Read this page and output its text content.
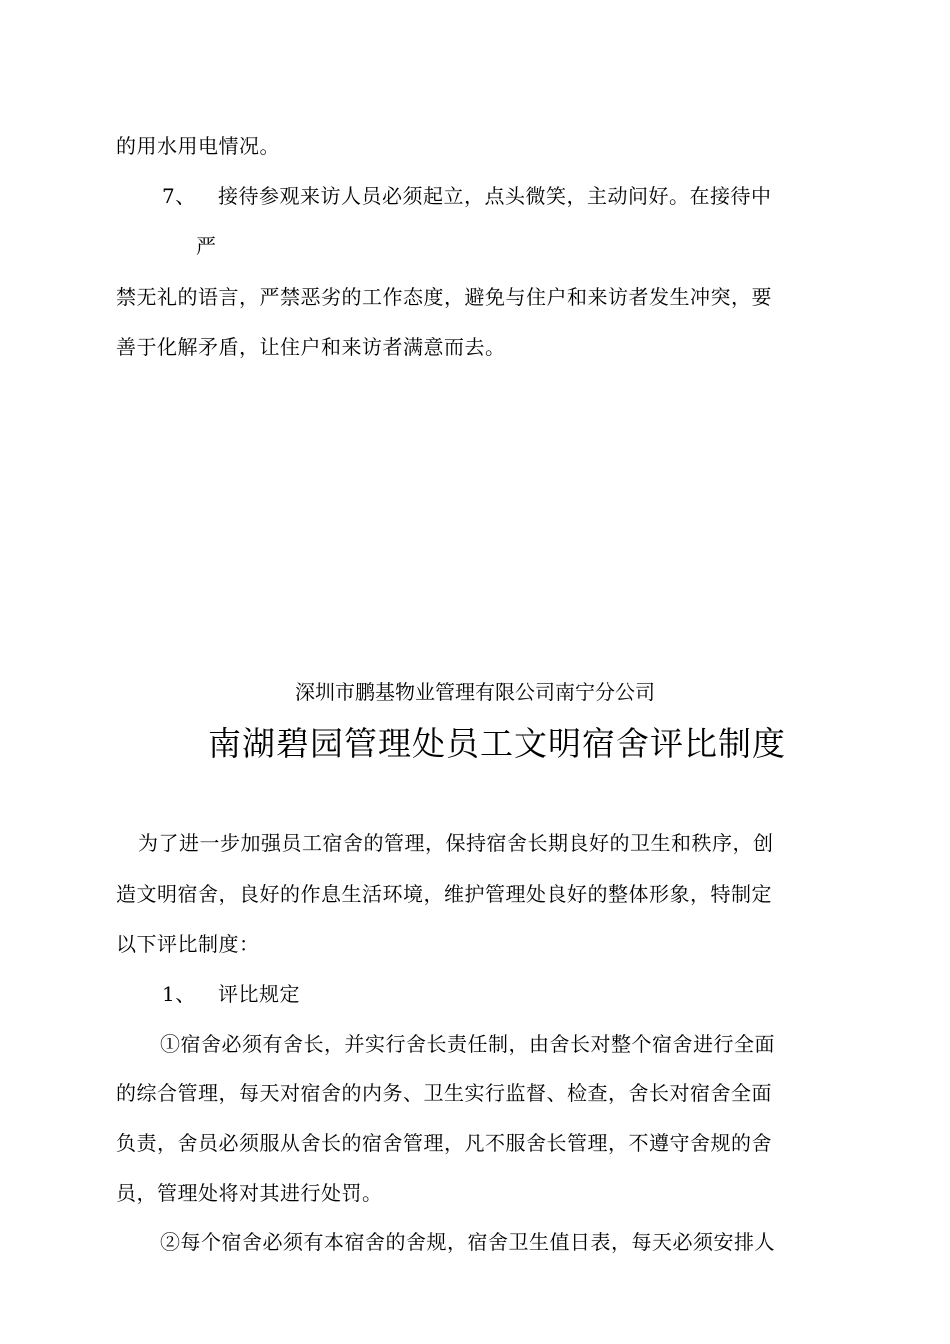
的用水用电情况。
7、 接待参观来访人员必须起立，点头微笑，主动问好。在接待中
严
禁无礼的语言，严禁恶劣的工作态度，避免与住户和来访者发生冲突，要
善于化解矛盾，让住户和来访者满意而去。
深圳市鹏基物业管理有限公司南宁分公司
南湖碧园管理处员工文明宿舍评比制度
为了进一步加强员工宿舍的管理，保持宿舍长期良好的卫生和秩序，创
造文明宿舍，良好的作息生活环境，维护管理处良好的整体形象，特制定
以下评比制度：
1、 评比规定
①宿舍必须有舍长，并实行舍长责任制，由舍长对整个宿舍进行全面
的综合管理，每天对宿舍的内务、卫生实行监督、检查，舍长对宿舍全面
负责，舍员必须服从舍长的宿舍管理，凡不服舍长管理，不遵守舍规的舍
员，管理处将对其进行处罚。
②每个宿舍必须有本宿舍的舍规，宿舍卫生值日表，每天必须安排人
